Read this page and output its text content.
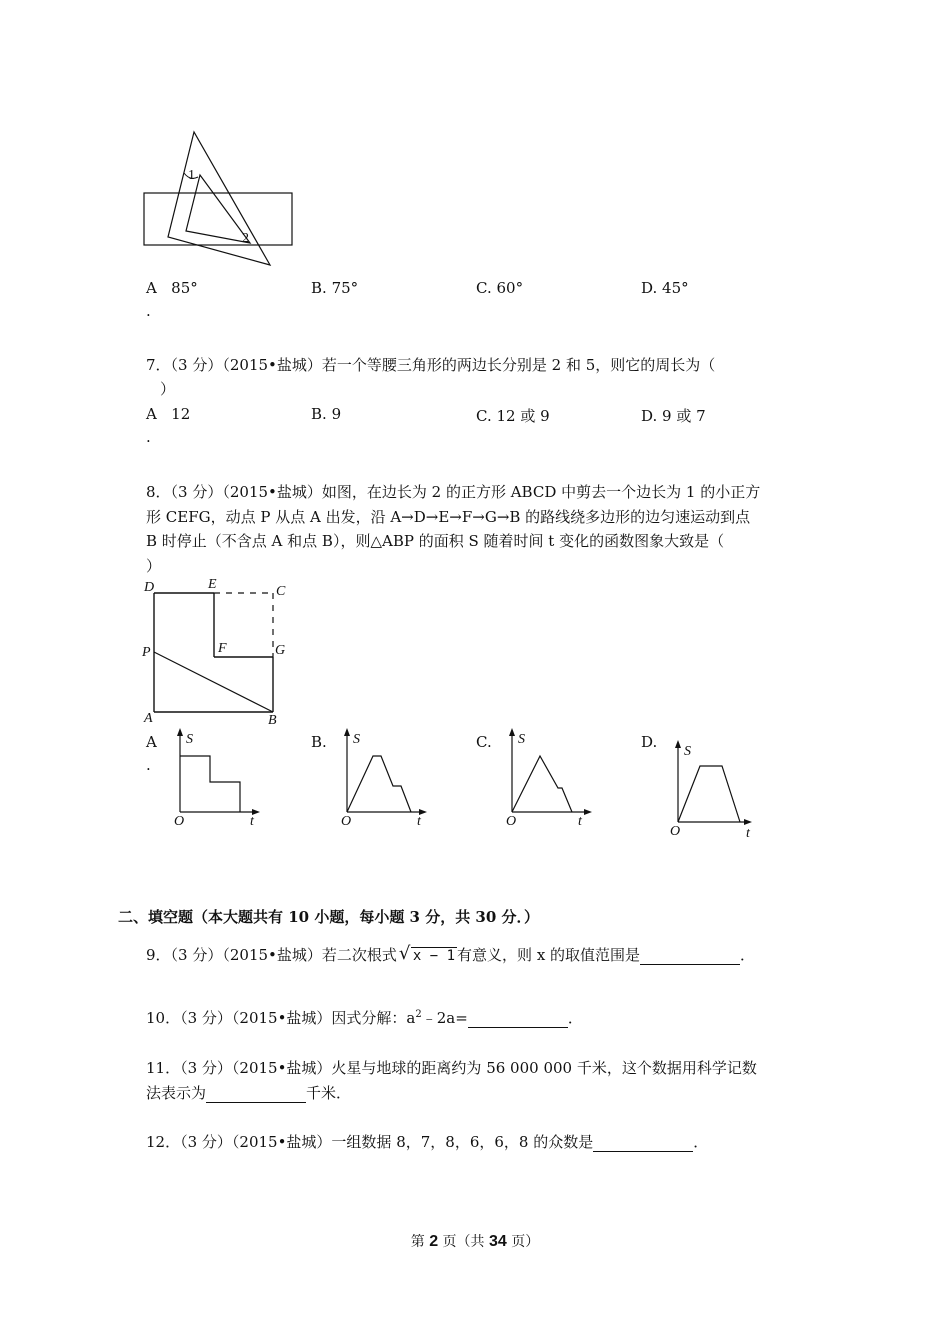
1
2
A 85°
.
B. 75°	C. 60°	D. 45°
7．（3 分）（2015•盐城）若一个等腰三角形的两边长分别是 2 和 5，则它的周长为（
）
A 12
.
B. 9	C. 12 或 9	D. 9 或 7
8．（3 分）（2015•盐城）如图，在边长为 2 的正方形 ABCD 中剪去一个边长为 1 的小正方
形 CEFG，动点 P 从点 A 出发，沿 A→D→E→F→G→B 的路线绕多边形的边匀速运动到点
B 时停止（不含点 A 和点 B），则△ABP 的面积 S 随着时间 t 变化的函数图象大致是（
）
D	E	C
F	G
P
A	B
A
.
B.	C.	D.
S
O	t
S
O	t
S
O	t
S
O	t
二、填空题（本大题共有 10 小题，每小题 3 分，共 30 分．）
9．（3 分）（2015•盐城）若二次根式 √ x − 1 有意义，则 x 的取值范围是	．
10．（3 分）（2015•盐城）因式分解：$a^2﹣2a=$	．
11．（3 分）（2015•盐城）火星与地球的距离约为 56 000 000 千米，这个数据用科学记数
法表示为	千米．
12．（3 分）（2015•盐城）一组数据 8，7，8，6，6，8 的众数是	．
第 2 页（共 34 页）
